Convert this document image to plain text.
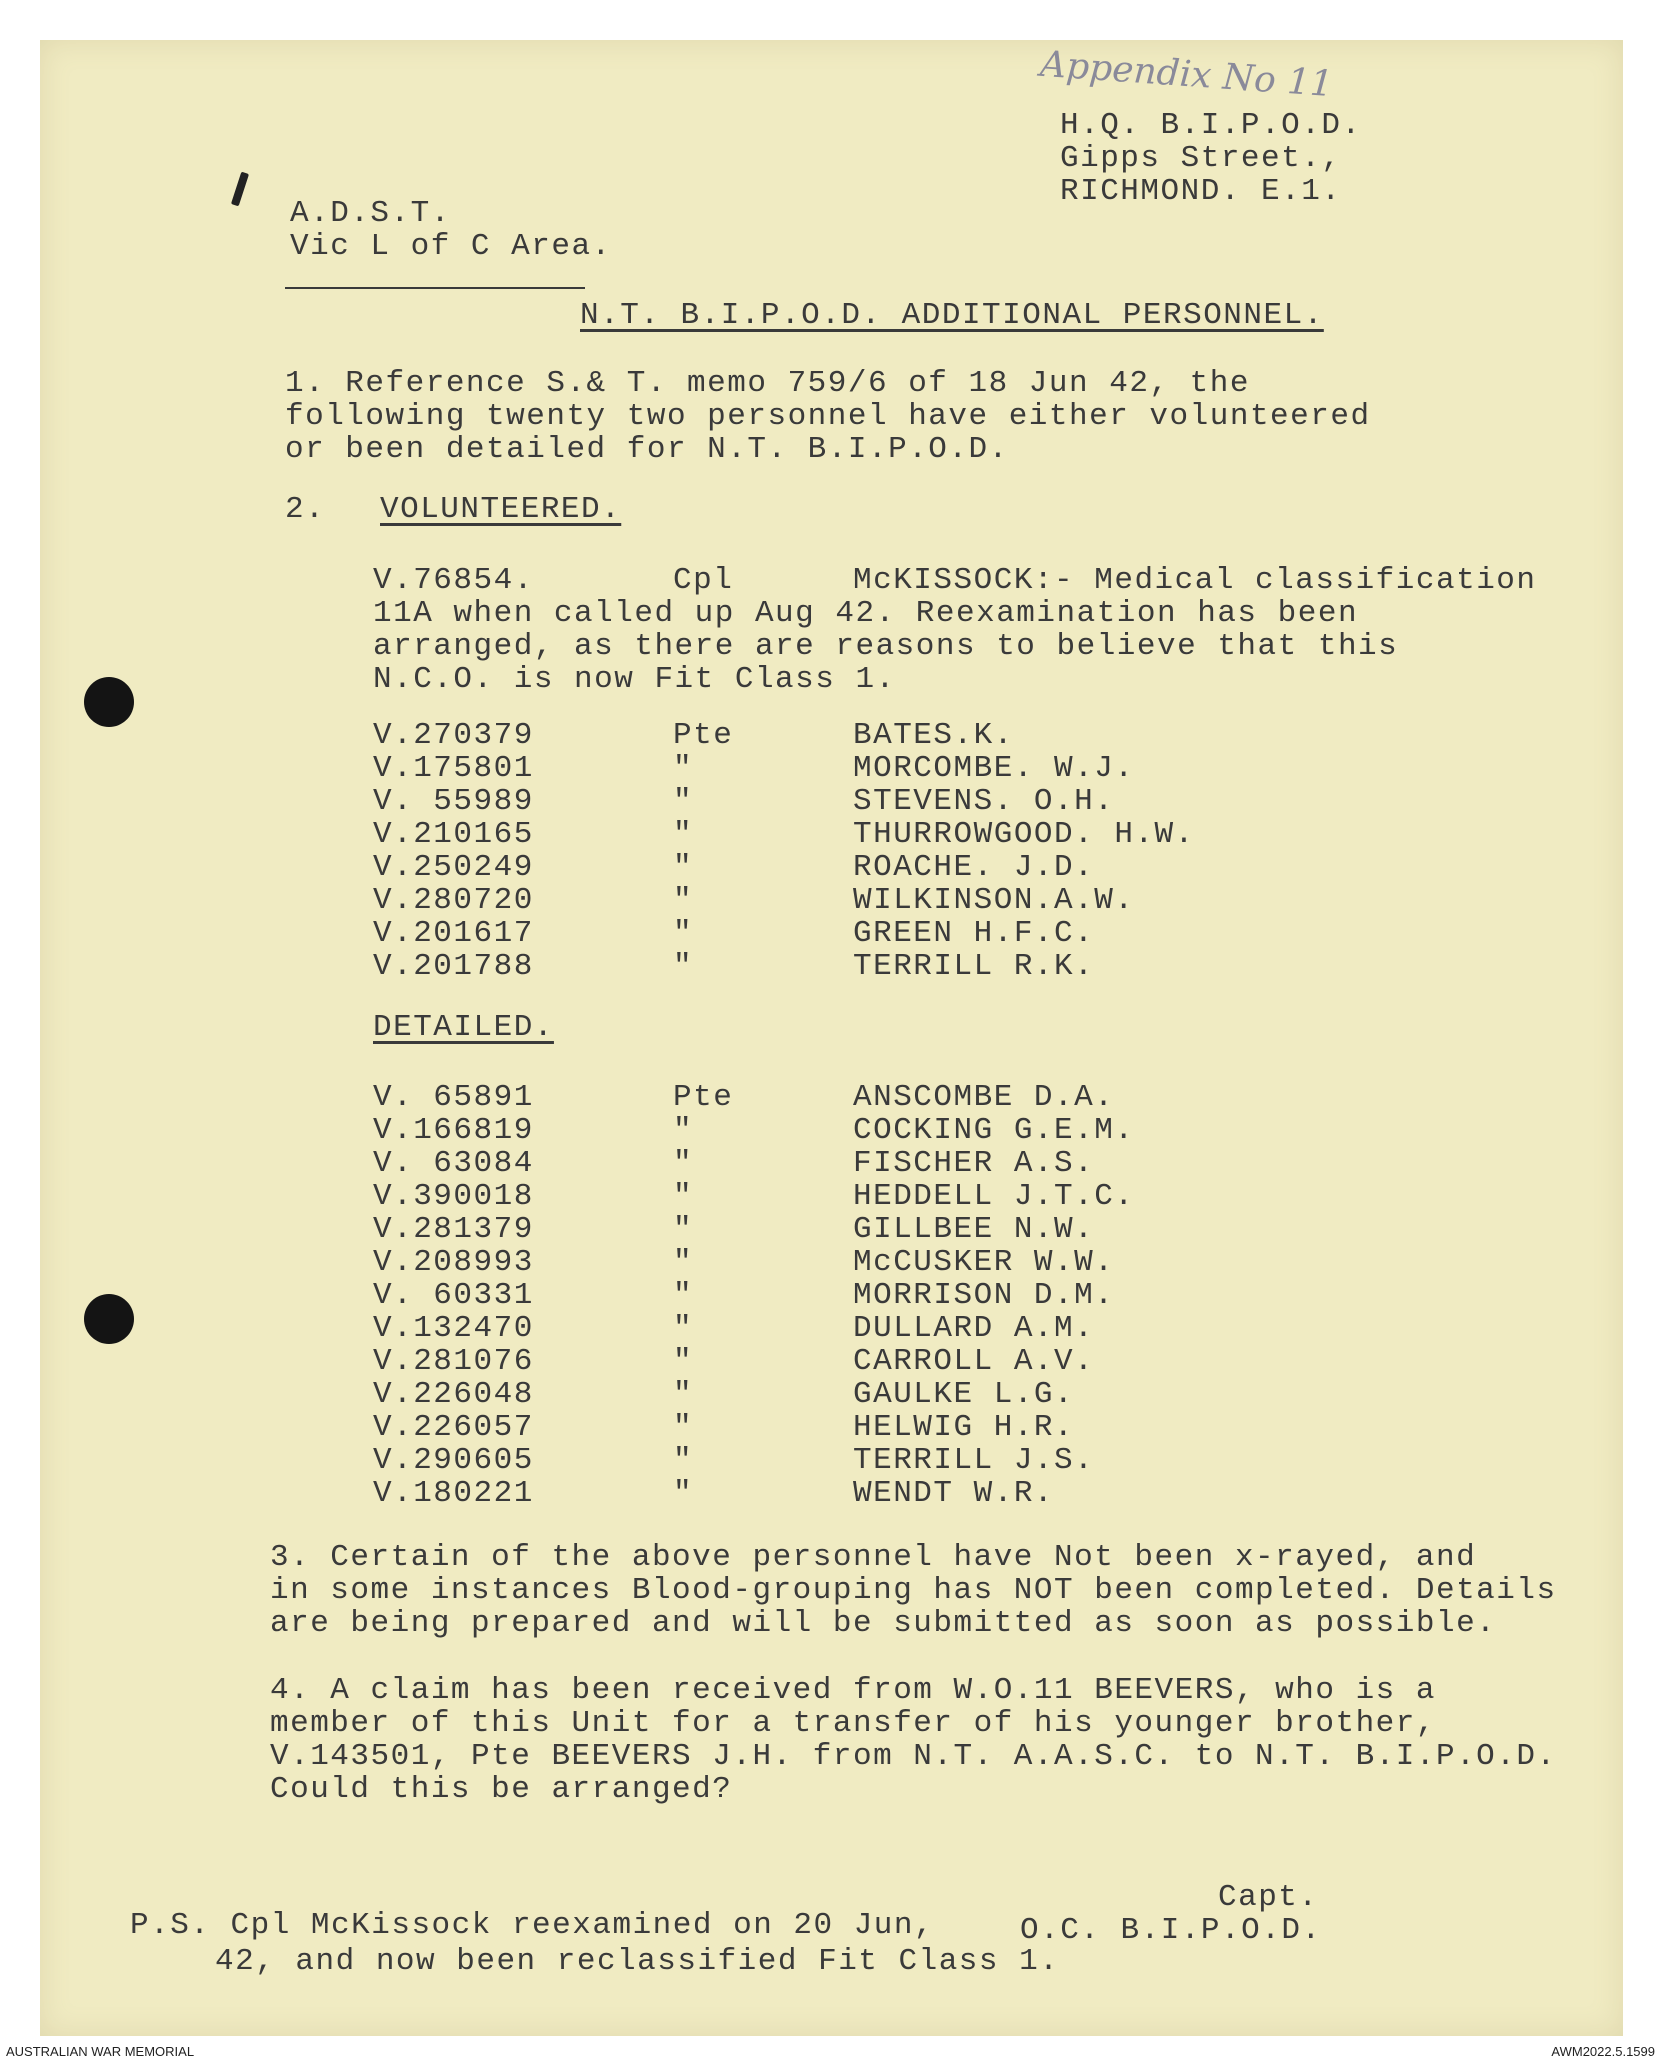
Appendix No 11
H.Q. B.I.P.O.D.
Gipps Street.,
RICHMOND. E.1.
A.D.S.T.
Vic L of C Area.
N.T. B.I.P.O.D. ADDITIONAL PERSONNEL.
1. Reference S.& T. memo 759/6 of 18 Jun 42, the
following twenty two personnel have either volunteered
or been detailed for N.T. B.I.P.O.D.
2. VOLUNTEERED.
V.76854.	Cpl	McKISSOCK:- Medical classification
11A when called up Aug 42. Reexamination has been
arranged, as there are reasons to believe that this
N.C.O. is now Fit Class 1.
V.270379	Pte	BATES.K.
V.175801	"	MORCOMBE. W.J.
V. 55989	"	STEVENS. O.H.
V.210165	"	THURROWGOOD. H.W.
V.250249	"	ROACHE. J.D.
V.280720	"	WILKINSON.A.W.
V.201617	"	GREEN H.F.C.
V.201788	"	TERRILL R.K.
DETAILED.
V. 65891	Pte	ANSCOMBE D.A.
V.166819	"	COCKING G.E.M.
V. 63084	"	FISCHER A.S.
V.390018	"	HEDDELL J.T.C.
V.281379	"	GILLBEE N.W.
V.208993	"	McCUSKER W.W.
V. 60331	"	MORRISON D.M.
V.132470	"	DULLARD A.M.
V.281076	"	CARROLL A.V.
V.226048	"	GAULKE L.G.
V.226057	"	HELWIG H.R.
V.290605	"	TERRILL J.S.
V.180221	"	WENDT W.R.
3. Certain of the above personnel have Not been x-rayed, and
in some instances Blood-grouping has NOT been completed. Details
are being prepared and will be submitted as soon as possible.
4. A claim has been received from W.O.11 BEEVERS, who is a
member of this Unit for a transfer of his younger brother,
V.143501, Pte BEEVERS J.H. from N.T. A.A.S.C. to N.T. B.I.P.O.D.
Could this be arranged?
Capt.
O.C. B.I.P.O.D.
P.S. Cpl McKissock reexamined on 20 Jun,
42, and now been reclassified Fit Class 1.
AUSTRALIAN WAR MEMORIAL	AWM2022.5.1599
